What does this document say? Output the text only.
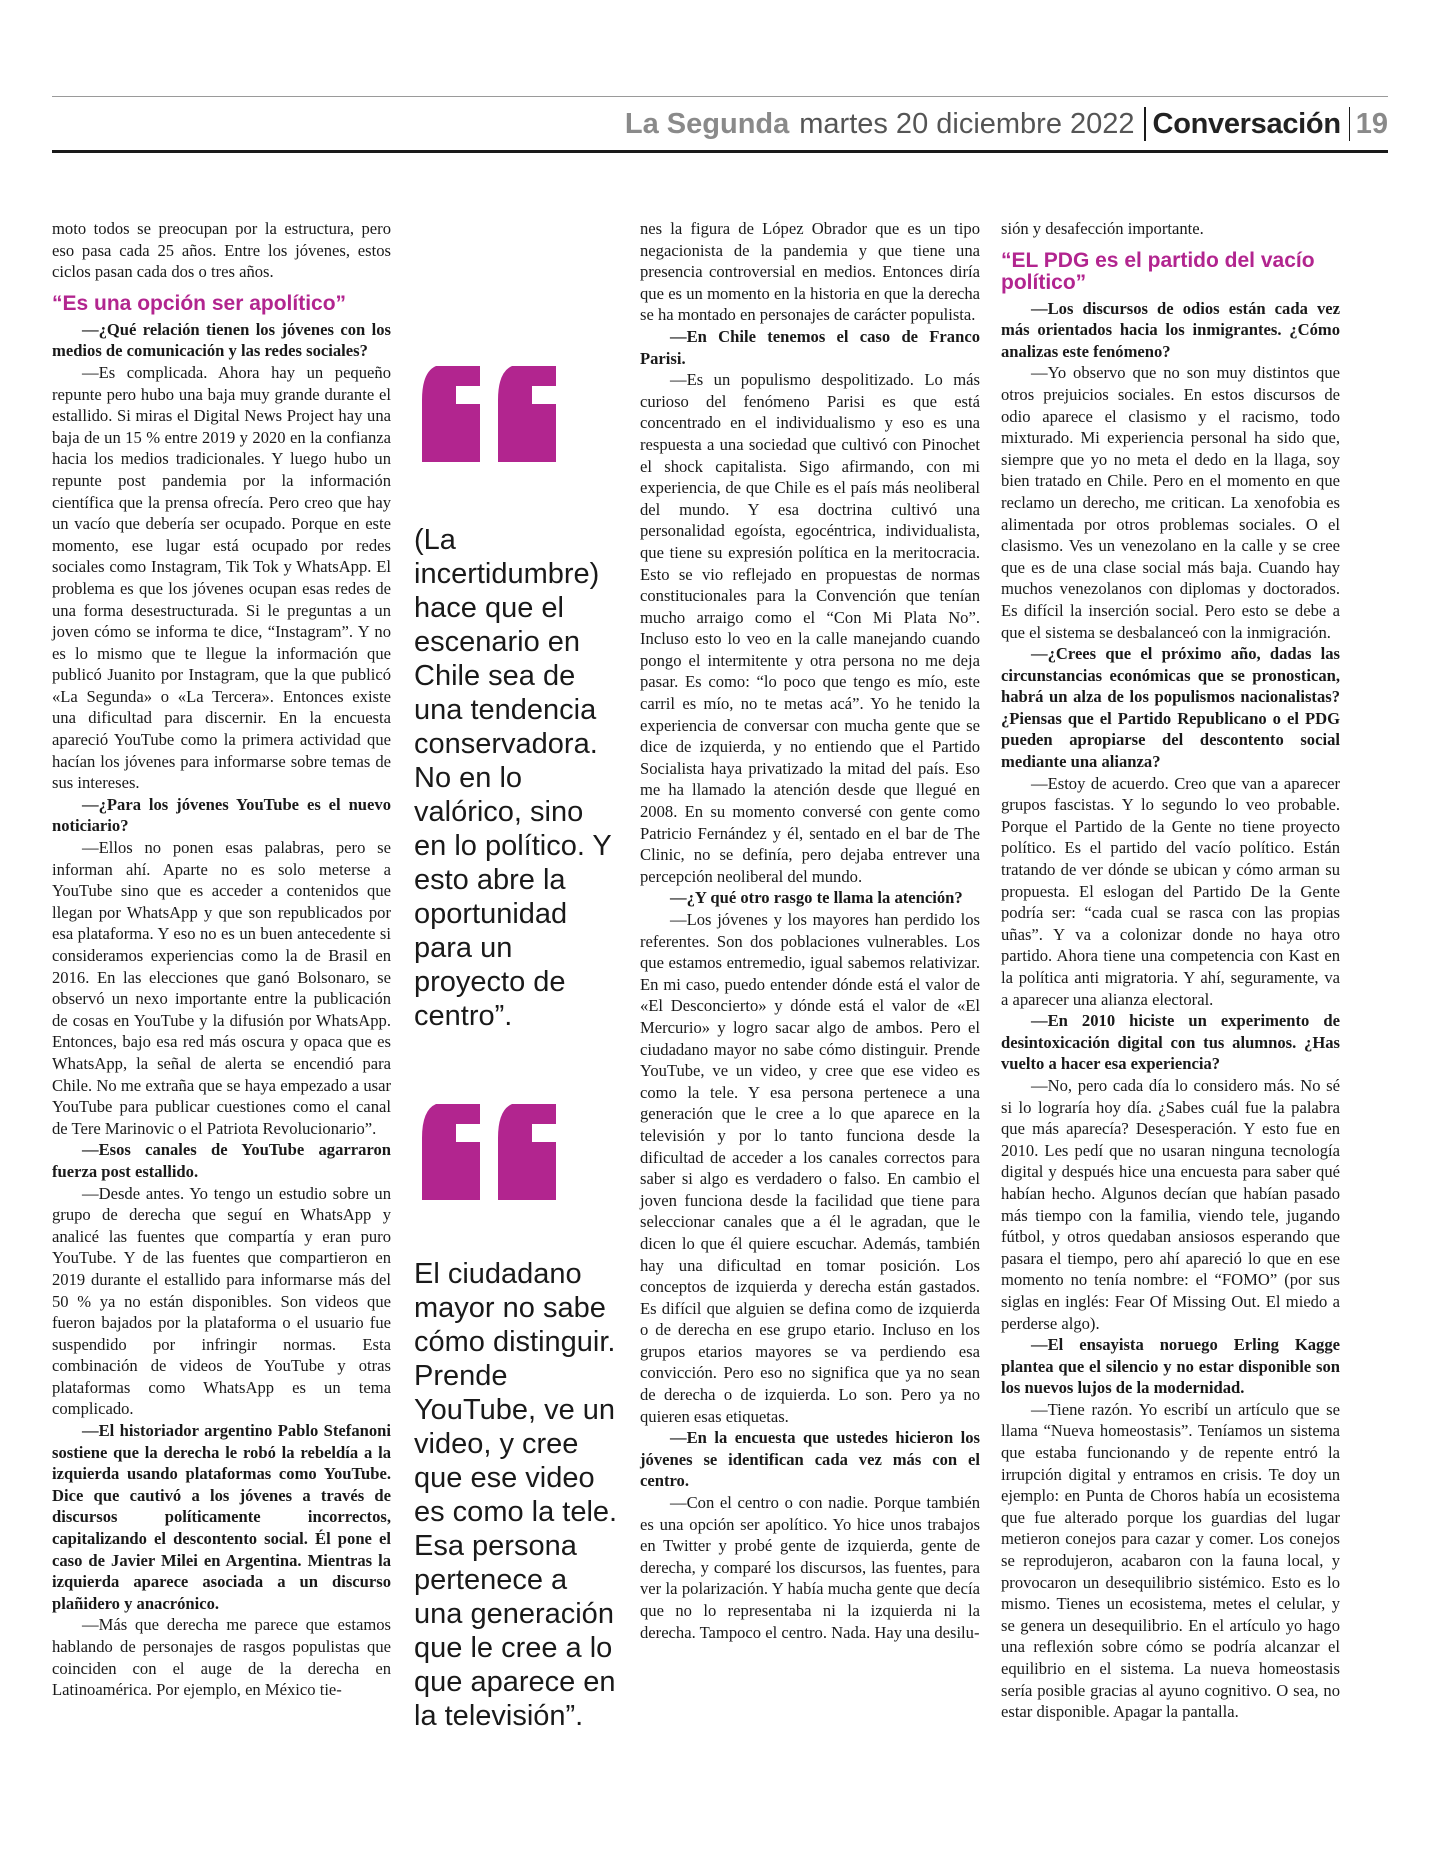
La Segunda martes 20 diciembre 2022 Conversación 19

moto todos se preocupan por la estructura, pero eso pasa cada 25 años. Entre los jóvenes, estos ciclos pasan cada dos o tres años.

“Es una opción ser apolítico”

—¿Qué relación tienen los jóvenes con los medios de comunicación y las redes sociales?

—Es complicada. Ahora hay un pequeño repunte pero hubo una baja muy grande durante el estallido. Si miras el Digital News Project hay una baja de un 15 % entre 2019 y 2020 en la confianza hacia los medios tradicionales. Y luego hubo un repunte post pandemia por la información científica que la prensa ofrecía. Pero creo que hay un vacío que debería ser ocupado. Porque en este momento, ese lugar está ocupado por redes sociales como Instagram, Tik Tok y WhatsApp. El problema es que los jóvenes ocupan esas redes de una forma desestructurada. Si le preguntas a un joven cómo se informa te dice, “Instagram”. Y no es lo mismo que te llegue la información que publicó Juanito por Instagram, que la que publicó «La Segunda» o «La Tercera». Entonces existe una dificultad para discernir. En la encuesta apareció YouTube como la primera actividad que hacían los jóvenes para informarse sobre temas de sus intereses.

—¿Para los jóvenes YouTube es el nuevo noticiario?

—Ellos no ponen esas palabras, pero se informan ahí. Aparte no es solo meterse a YouTube sino que es acceder a contenidos que llegan por WhatsApp y que son republicados por esa plataforma. Y eso no es un buen antecedente si consideramos experiencias como la de Brasil en 2016. En las elecciones que ganó Bolsonaro, se observó un nexo importante entre la publicación de cosas en YouTube y la difusión por WhatsApp. Entonces, bajo esa red más oscura y opaca que es WhatsApp, la señal de alerta se encendió para Chile. No me extraña que se haya empezado a usar YouTube para publicar cuestiones como el canal de Tere Marinovic o el Patriota Revolucionario”.

—Esos canales de YouTube agarraron fuerza post estallido.

—Desde antes. Yo tengo un estudio sobre un grupo de derecha que seguí en WhatsApp y analicé las fuentes que compartía y eran puro YouTube. Y de las fuentes que compartieron en 2019 durante el estallido para informarse más del 50 % ya no están disponibles. Son videos que fueron bajados por la plataforma o el usuario fue suspendido por infringir normas. Esta combinación de videos de YouTube y otras plataformas como WhatsApp es un tema complicado.

—El historiador argentino Pablo Stefanoni sostiene que la derecha le robó la rebeldía a la izquierda usando plataformas como YouTube. Dice que cautivó a los jóvenes a través de discursos políticamente incorrectos, capitalizando el descontento social. Él pone el caso de Javier Milei en Argentina. Mientras la izquierda aparece asociada a un discurso plañidero y anacrónico.

—Más que derecha me parece que estamos hablando de personajes de rasgos populistas que coinciden con el auge de la derecha en Latinoamérica. Por ejemplo, en México tie-

(La incertidumbre) hace que el escenario en Chile sea de una tendencia conservadora. No en lo valórico, sino en lo político. Y esto abre la oportunidad para un proyecto de centro”.
El ciudadano mayor no sabe cómo distinguir. Prende YouTube, ve un video, y cree que ese video es como la tele. Esa persona pertenece a una generación que le cree a lo que aparece en la televisión”.

nes la figura de López Obrador que es un tipo negacionista de la pandemia y que tiene una presencia controversial en medios. Entonces diría que es un momento en la historia en que la derecha se ha montado en personajes de carácter populista.

—En Chile tenemos el caso de Franco Parisi.

—Es un populismo despolitizado. Lo más curioso del fenómeno Parisi es que está concentrado en el individualismo y eso es una respuesta a una sociedad que cultivó con Pinochet el shock capitalista. Sigo afirmando, con mi experiencia, de que Chile es el país más neoliberal del mundo. Y esa doctrina cultivó una personalidad egoísta, egocéntrica, individualista, que tiene su expresión política en la meritocracia. Esto se vio reflejado en propuestas de normas constitucionales para la Convención que tenían mucho arraigo como el “Con Mi Plata No”. Incluso esto lo veo en la calle manejando cuando pongo el intermitente y otra persona no me deja pasar. Es como: “lo poco que tengo es mío, este carril es mío, no te metas acá”. Yo he tenido la experiencia de conversar con mucha gente que se dice de izquierda, y no entiendo que el Partido Socialista haya privatizado la mitad del país. Eso me ha llamado la atención desde que llegué en 2008. En su momento conversé con gente como Patricio Fernández y él, sentado en el bar de The Clinic, no se definía, pero dejaba entrever una percepción neoliberal del mundo.

—¿Y qué otro rasgo te llama la atención?

—Los jóvenes y los mayores han perdido los referentes. Son dos poblaciones vulnerables. Los que estamos entremedio, igual sabemos relativizar. En mi caso, puedo entender dónde está el valor de «El Desconcierto» y dónde está el valor de «El Mercurio» y logro sacar algo de ambos. Pero el ciudadano mayor no sabe cómo distinguir. Prende YouTube, ve un video, y cree que ese video es como la tele. Y esa persona pertenece a una generación que le cree a lo que aparece en la televisión y por lo tanto funciona desde la dificultad de acceder a los canales correctos para saber si algo es verdadero o falso. En cambio el joven funciona desde la facilidad que tiene para seleccionar canales que a él le agradan, que le dicen lo que él quiere escuchar. Además, también hay una dificultad en tomar posición. Los conceptos de izquierda y derecha están gastados. Es difícil que alguien se defina como de izquierda o de derecha en ese grupo etario. Incluso en los grupos etarios mayores se va perdiendo esa convicción. Pero eso no significa que ya no sean de derecha o de izquierda. Lo son. Pero ya no quieren esas etiquetas.

—En la encuesta que ustedes hicieron los jóvenes se identifican cada vez más con el centro.

—Con el centro o con nadie. Porque también es una opción ser apolítico. Yo hice unos trabajos en Twitter y probé gente de izquierda, gente de derecha, y comparé los discursos, las fuentes, para ver la polarización. Y había mucha gente que decía que no lo representaba ni la izquierda ni la derecha. Tampoco el centro. Nada. Hay una desilu-

sión y desafección importante.

“EL PDG es el partido del vacío político”

—Los discursos de odios están cada vez más orientados hacia los inmigrantes. ¿Cómo analizas este fenómeno?

—Yo observo que no son muy distintos que otros prejuicios sociales. En estos discursos de odio aparece el clasismo y el racismo, todo mixturado. Mi experiencia personal ha sido que, siempre que yo no meta el dedo en la llaga, soy bien tratado en Chile. Pero en el momento en que reclamo un derecho, me critican. La xenofobia es alimentada por otros problemas sociales. O el clasismo. Ves un venezolano en la calle y se cree que es de una clase social más baja. Cuando hay muchos venezolanos con diplomas y doctorados. Es difícil la inserción social. Pero esto se debe a que el sistema se desbalanceó con la inmigración.

—¿Crees que el próximo año, dadas las circunstancias económicas que se pronostican, habrá un alza de los populismos nacionalistas? ¿Piensas que el Partido Republicano o el PDG pueden apropiarse del descontento social mediante una alianza?

—Estoy de acuerdo. Creo que van a aparecer grupos fascistas. Y lo segundo lo veo probable. Porque el Partido de la Gente no tiene proyecto político. Es el partido del vacío político. Están tratando de ver dónde se ubican y cómo arman su propuesta. El eslogan del Partido De la Gente podría ser: “cada cual se rasca con las propias uñas”. Y va a colonizar donde no haya otro partido. Ahora tiene una competencia con Kast en la política anti migratoria. Y ahí, seguramente, va a aparecer una alianza electoral.

—En 2010 hiciste un experimento de desintoxicación digital con tus alumnos. ¿Has vuelto a hacer esa experiencia?

—No, pero cada día lo considero más. No sé si lo lograría hoy día. ¿Sabes cuál fue la palabra que más aparecía? Desesperación. Y esto fue en 2010. Les pedí que no usaran ninguna tecnología digital y después hice una encuesta para saber qué habían hecho. Algunos decían que habían pasado más tiempo con la familia, viendo tele, jugando fútbol, y otros quedaban ansiosos esperando que pasara el tiempo, pero ahí apareció lo que en ese momento no tenía nombre: el “FOMO” (por sus siglas en inglés: Fear Of Missing Out. El miedo a perderse algo).

—El ensayista noruego Erling Kagge plantea que el silencio y no estar disponible son los nuevos lujos de la modernidad.

—Tiene razón. Yo escribí un artículo que se llama “Nueva homeostasis”. Teníamos un sistema que estaba funcionando y de repente entró la irrupción digital y entramos en crisis. Te doy un ejemplo: en Punta de Choros había un ecosistema que fue alterado porque los guardias del lugar metieron conejos para cazar y comer. Los conejos se reprodujeron, acabaron con la fauna local, y provocaron un desequilibrio sistémico. Esto es lo mismo. Tienes un ecosistema, metes el celular, y se genera un desequilibrio. En el artículo yo hago una reflexión sobre cómo se podría alcanzar el equilibrio en el sistema. La nueva homeostasis sería posible gracias al ayuno cognitivo. O sea, no estar disponible. Apagar la pantalla.
